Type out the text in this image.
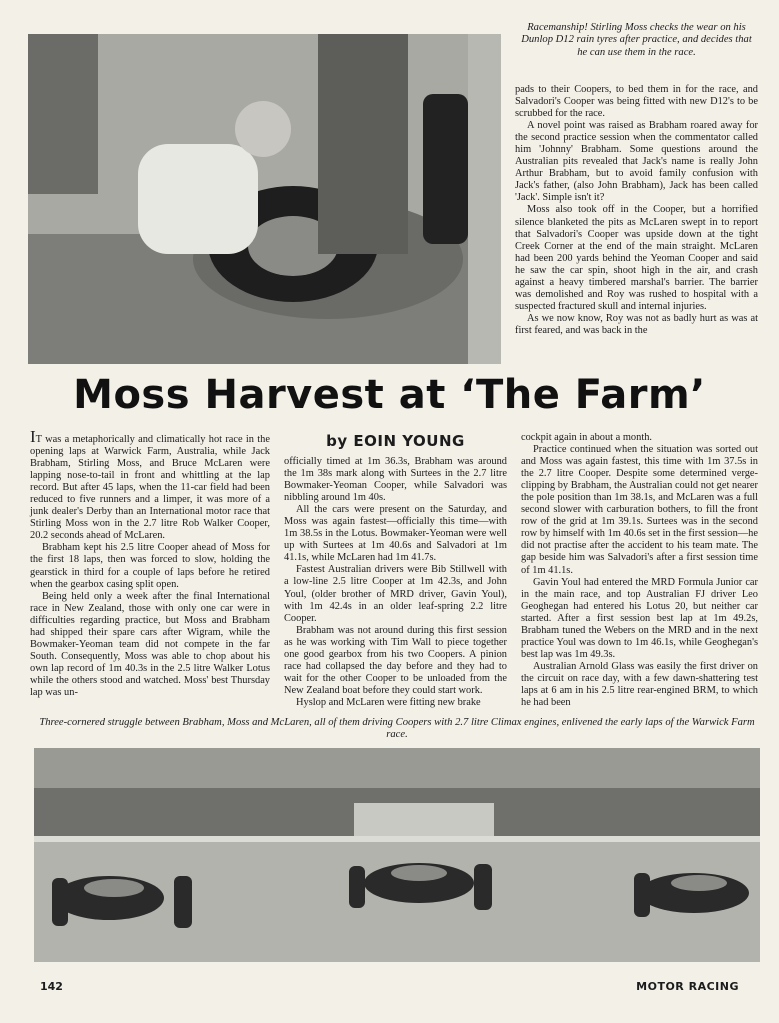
Racemanship! Stirling Moss checks the wear on his Dunlop D12 rain tyres after practice, and decides that he can use them in the race.

pads to their Coopers, to bed them in for the race, and Salvadori's Cooper was being fitted with new D12's to be scrubbed for the race.

A novel point was raised as Brabham roared away for the second practice session when the commentator called him 'Johnny' Brabham. Some questions around the Australian pits revealed that Jack's name is really John Arthur Brabham, but to avoid family confusion with Jack's father, (also John Brabham), Jack has been called 'Jack'. Simple isn't it?

Moss also took off in the Cooper, but a horrified silence blanketed the pits as McLaren swept in to report that Salvadori's Cooper was upside down at the tight Creek Corner at the end of the main straight. McLaren had been 200 yards behind the Yeoman Cooper and said he saw the car spin, shoot high in the air, and crash against a heavy timbered marshal's barrier. The barrier was demolished and Roy was rushed to hospital with a suspected fractured skull and internal injuries.

As we now know, Roy was not as badly hurt as was at first feared, and was back in the

Moss Harvest at ‘The Farm’

IT was a metaphorically and climatically hot race in the opening laps at Warwick Farm, Australia, while Jack Brabham, Stirling Moss, and Bruce McLaren were lapping nose-to-tail in front and whittling at the lap record. But after 45 laps, when the 11-car field had been reduced to five runners and a limper, it was more of a junk dealer's Derby than an International motor race that Stirling Moss won in the 2.7 litre Rob Walker Cooper, 20.2 seconds ahead of McLaren.

Brabham kept his 2.5 litre Cooper ahead of Moss for the first 18 laps, then was forced to slow, holding the gearstick in third for a couple of laps before he retired when the gearbox casing split open.

Being held only a week after the final International race in New Zealand, those with only one car were in difficulties regarding practice, but Moss and Brabham had shipped their spare cars after Wigram, while the Bowmaker-Yeoman team did not compete in the far South. Consequently, Moss was able to chop about his own lap record of 1m 40.3s in the 2.5 litre Walker Lotus while the others stood and watched. Moss' best Thursday lap was un-

by EOIN YOUNG

officially timed at 1m 36.3s, Brabham was around the 1m 38s mark along with Surtees in the 2.7 litre Bowmaker-Yeoman Cooper, while Salvadori was nibbling around 1m 40s.

All the cars were present on the Saturday, and Moss was again fastest—officially this time—with 1m 38.5s in the Lotus. Bowmaker-Yeoman were well up with Surtees at 1m 40.6s and Salvadori at 1m 41.1s, while McLaren had 1m 41.7s.

Fastest Australian drivers were Bib Stillwell with a low-line 2.5 litre Cooper at 1m 42.3s, and John Youl, (older brother of MRD driver, Gavin Youl), with 1m 42.4s in an older leaf-spring 2.2 litre Cooper.

Brabham was not around during this first session as he was working with Tim Wall to piece together one good gearbox from his two Coopers. A pinion race had collapsed the day before and they had to wait for the other Cooper to be unloaded from the New Zealand boat before they could start work.

Hyslop and McLaren were fitting new brake

cockpit again in about a month.

Practice continued when the situation was sorted out and Moss was again fastest, this time with 1m 37.5s in the 2.7 litre Cooper. Despite some determined verge-clipping by Brabham, the Australian could not get nearer the pole position than 1m 38.1s, and McLaren was a full second slower with carburation bothers, to fill the front row of the grid at 1m 39.1s. Surtees was in the second row by himself with 1m 40.6s set in the first session—he did not practise after the accident to his team mate. The gap beside him was Salvadori's after a first session time of 1m 41.1s.

Gavin Youl had entered the MRD Formula Junior car in the main race, and top Australian FJ driver Leo Geoghegan had entered his Lotus 20, but neither car started. After a first session best lap at 1m 49.2s, Brabham tuned the Webers on the MRD and in the next practice Youl was down to 1m 46.1s, while Geoghegan's best lap was 1m 49.3s.

Australian Arnold Glass was easily the first driver on the circuit on race day, with a few dawn-shattering test laps at 6 am in his 2.5 litre rear-engined BRM, to which he had been

Three-cornered struggle between Brabham, Moss and McLaren, all of them driving Coopers with 2.7 litre Climax engines, enlivened the early laps of the Warwick Farm race.
142	MOTOR RACING
